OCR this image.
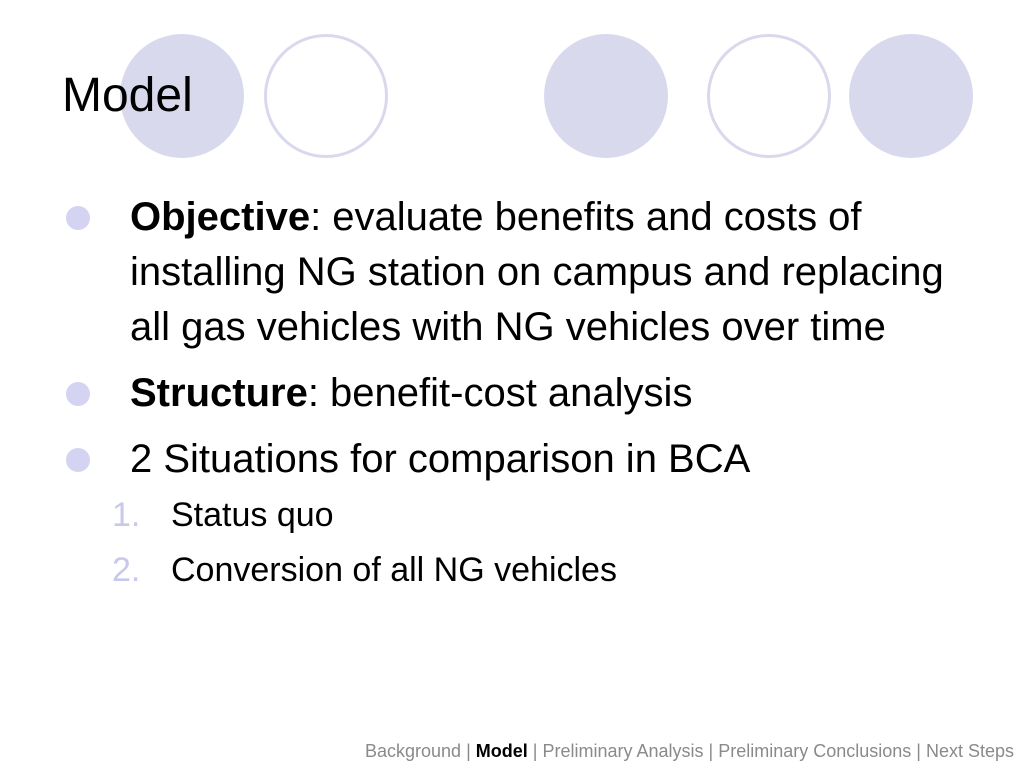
Model
Objective: evaluate benefits and costs of installing NG station on campus and replacing all gas vehicles with NG vehicles over time
Structure: benefit-cost analysis
2 Situations for comparison in BCA
1. Status quo
2. Conversion of all NG vehicles
Background | Model | Preliminary Analysis | Preliminary Conclusions | Next Steps
